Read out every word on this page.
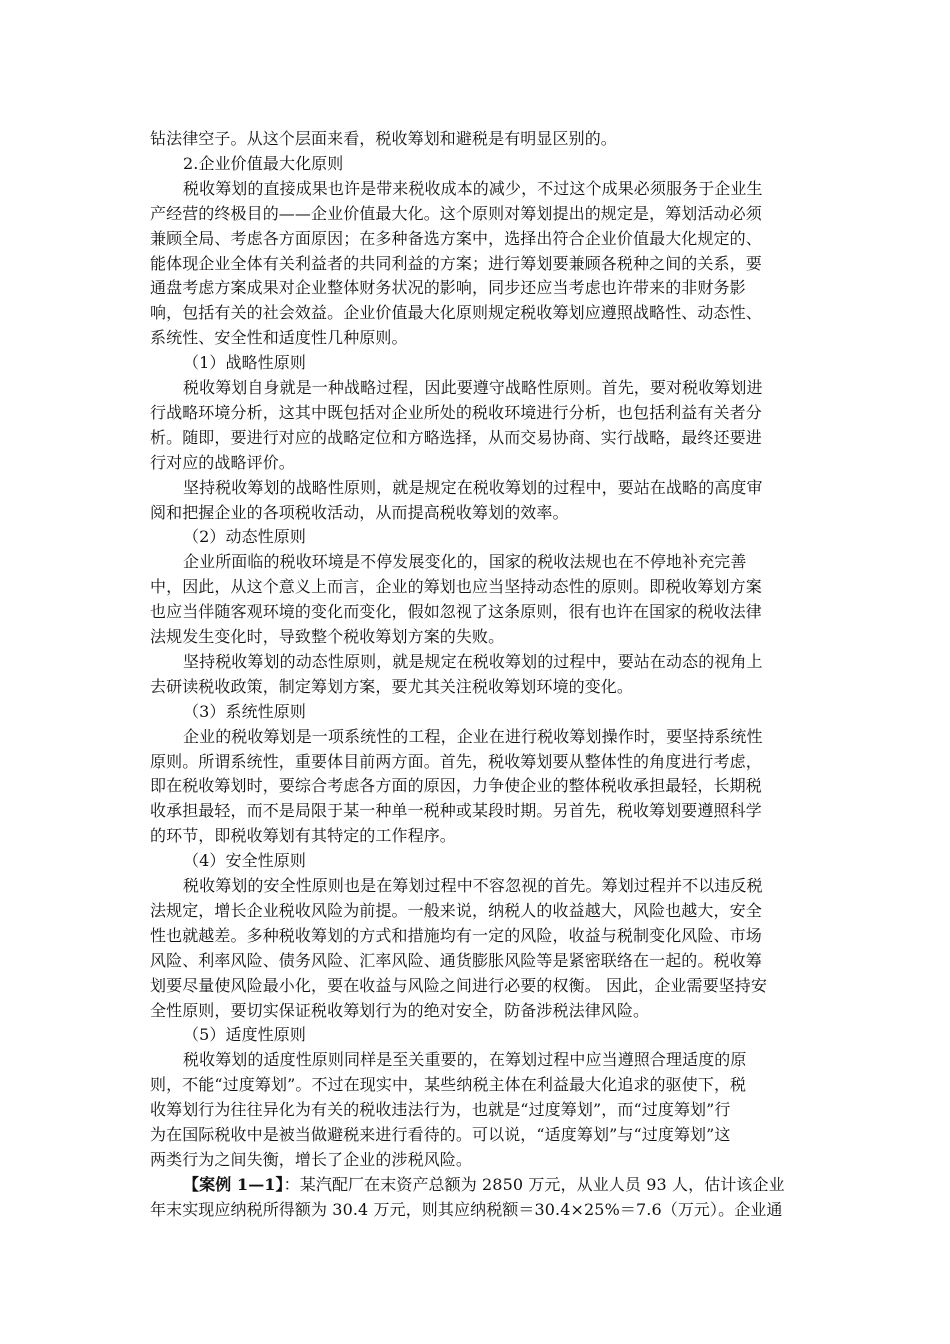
钻法律空子。从这个层面来看，税收筹划和避税是有明显区别的。
2.企业价值最大化原则
税收筹划的直接成果也许是带来税收成本的减少，不过这个成果必须服务于企业生
产经营的终极目的——企业价值最大化。这个原则对筹划提出的规定是，筹划活动必须
兼顾全局、考虑各方面原因；在多种备选方案中，选择出符合企业价值最大化规定的、
能体现企业全体有关利益者的共同利益的方案；进行筹划要兼顾各税种之间的关系，要
通盘考虑方案成果对企业整体财务状况的影响，同步还应当考虑也许带来的非财务影
响，包括有关的社会效益。企业价值最大化原则规定税收筹划应遵照战略性、动态性、
系统性、安全性和适度性几种原则。
（1）战略性原则
税收筹划自身就是一种战略过程，因此要遵守战略性原则。首先，要对税收筹划进
行战略环境分析，这其中既包括对企业所处的税收环境进行分析，也包括利益有关者分
析。随即，要进行对应的战略定位和方略选择，从而交易协商、实行战略，最终还要进
行对应的战略评价。
坚持税收筹划的战略性原则，就是规定在税收筹划的过程中，要站在战略的高度审
阅和把握企业的各项税收活动，从而提高税收筹划的效率。
（2）动态性原则
企业所面临的税收环境是不停发展变化的，国家的税收法规也在不停地补充完善
中，因此，从这个意义上而言，企业的筹划也应当坚持动态性的原则。即税收筹划方案
也应当伴随客观环境的变化而变化，假如忽视了这条原则，很有也许在国家的税收法律
法规发生变化时，导致整个税收筹划方案的失败。
坚持税收筹划的动态性原则，就是规定在税收筹划的过程中，要站在动态的视角上
去研读税收政策，制定筹划方案，要尤其关注税收筹划环境的变化。
（3）系统性原则
企业的税收筹划是一项系统性的工程，企业在进行税收筹划操作时，要坚持系统性
原则。所谓系统性，重要体目前两方面。首先，税收筹划要从整体性的角度进行考虑，
即在税收筹划时，要综合考虑各方面的原因，力争使企业的整体税收承担最轻，长期税
收承担最轻，而不是局限于某一种单一税种或某段时期。另首先，税收筹划要遵照科学
的环节，即税收筹划有其特定的工作程序。
（4）安全性原则
税收筹划的安全性原则也是在筹划过程中不容忽视的首先。筹划过程并不以违反税
法规定，增长企业税收风险为前提。一般来说，纳税人的收益越大，风险也越大，安全
性也就越差。多种税收筹划的方式和措施均有一定的风险，收益与税制变化风险、市场
风险、利率风险、债务风险、汇率风险、通货膨胀风险等是紧密联络在一起的。税收筹
划要尽量使风险最小化，要在收益与风险之间进行必要的权衡。 因此，企业需要坚持安
全性原则，要切实保证税收筹划行为的绝对安全，防备涉税法律风险。
（5）适度性原则
税收筹划的适度性原则同样是至关重要的，在筹划过程中应当遵照合理适度的原
则，不能“过度筹划”。不过在现实中，某些纳税主体在利益最大化追求的驱使下，税
收筹划行为往往异化为有关的税收违法行为，也就是“过度筹划”，而“过度筹划”行
为在国际税收中是被当做避税来进行看待的。可以说，“适度筹划”与“过度筹划”这
两类行为之间失衡，增长了企业的涉税风险。
【案例 1—1】：某汽配厂在末资产总额为 2850 万元，从业人员 93 人，估计该企业
年末实现应纳税所得额为 30.4 万元，则其应纳税额＝30.4×25%＝7.6（万元）。企业通
